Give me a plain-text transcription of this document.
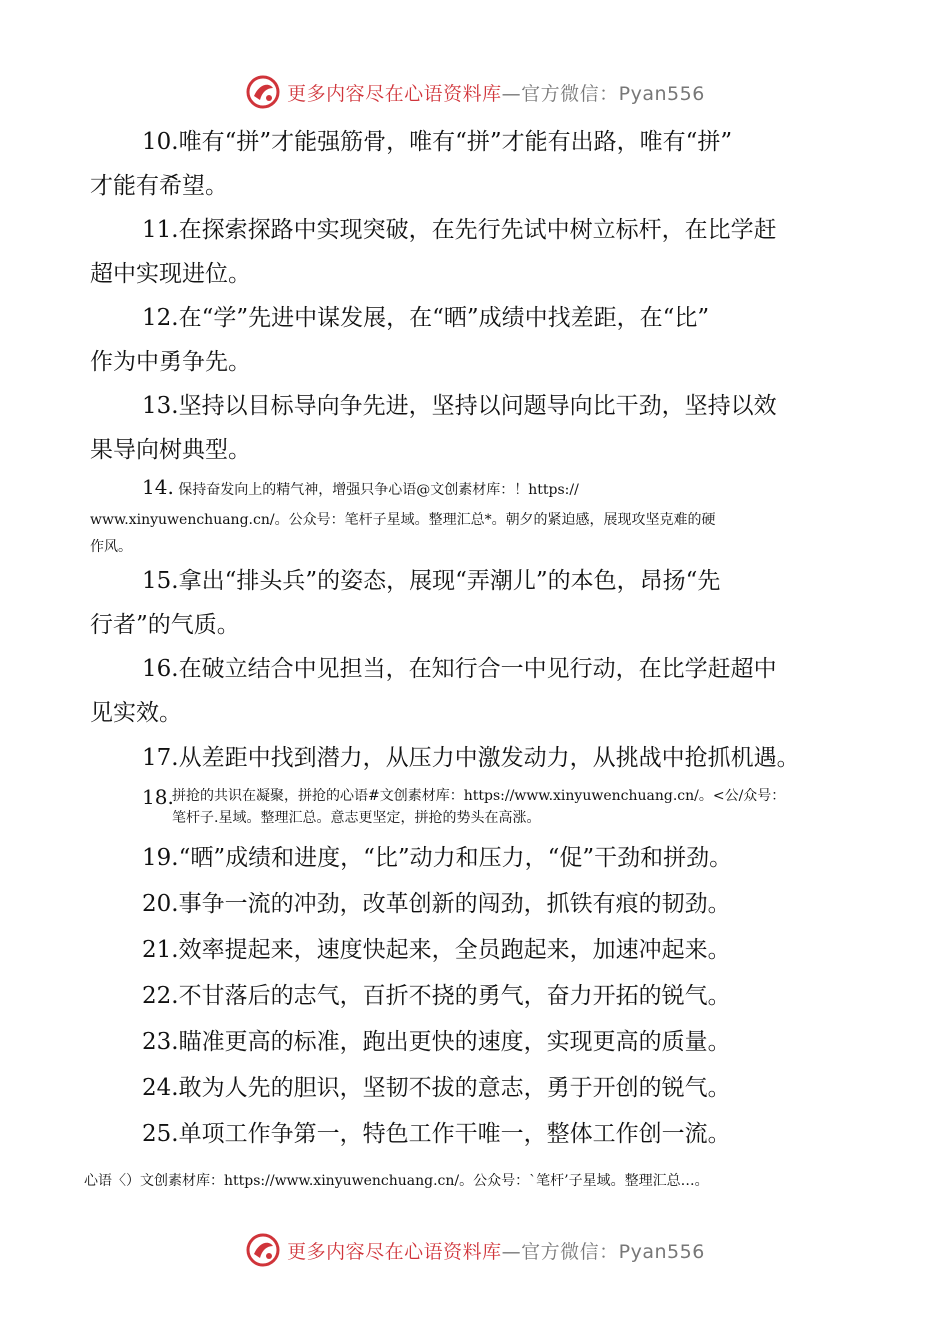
更多内容尽在心语资料库—官方微信：Pyan556

10.唯有“拼”才能强筋骨，唯有“拼”才能有出路，唯有“拼”
才能有希望。

11.在探索探路中实现突破，在先行先试中树立标杆，在比学赶
超中实现进位。

12.在“学”先进中谋发展，在“晒”成绩中找差距，在“比”
作为中勇争先。

13.坚持以目标导向争先进，坚持以问题导向比干劲，坚持以效
果导向树典型。

14. 保持奋发向上的精气神，增强只争心语@文创素材库：！https://
www.xinyuwenchuang.cn/。公众号：笔杆子星域。整理汇总*。朝夕的紧迫感，展现攻坚克难的硬
作风。

15.拿出“排头兵”的姿态，展现“弄潮儿”的本色，昂扬“先
行者”的气质。

16.在破立结合中见担当，在知行合一中见行动，在比学赶超中
见实效。

17.从差距中找到潜力，从压力中激发动力，从挑战中抢抓机遇。

18.
拼抢的共识在凝聚，拼抢的心语#文创素材库：https://www.xinyuwenchuang.cn/。<公/众号：
笔杆子.星域。整理汇总。意志更坚定，拼抢的势头在高涨。

19.“晒”成绩和进度，“比”动力和压力，“促”干劲和拼劲。

20.事争一流的冲劲，改革创新的闯劲，抓铁有痕的韧劲。

21.效率提起来，速度快起来，全员跑起来，加速冲起来。

22.不甘落后的志气，百折不挠的勇气，奋力开拓的锐气。

23.瞄准更高的标准，跑出更快的速度，实现更高的质量。

24.敢为人先的胆识，坚韧不拔的意志，勇于开创的锐气。

25.单项工作争第一，特色工作干唯一，整体工作创一流。

心语〈）文创素材库：https://www.xinyuwenchuang.cn/。公众号：`笔杆’子星域。整理汇总…。
更多内容尽在心语资料库—官方微信：Pyan556
